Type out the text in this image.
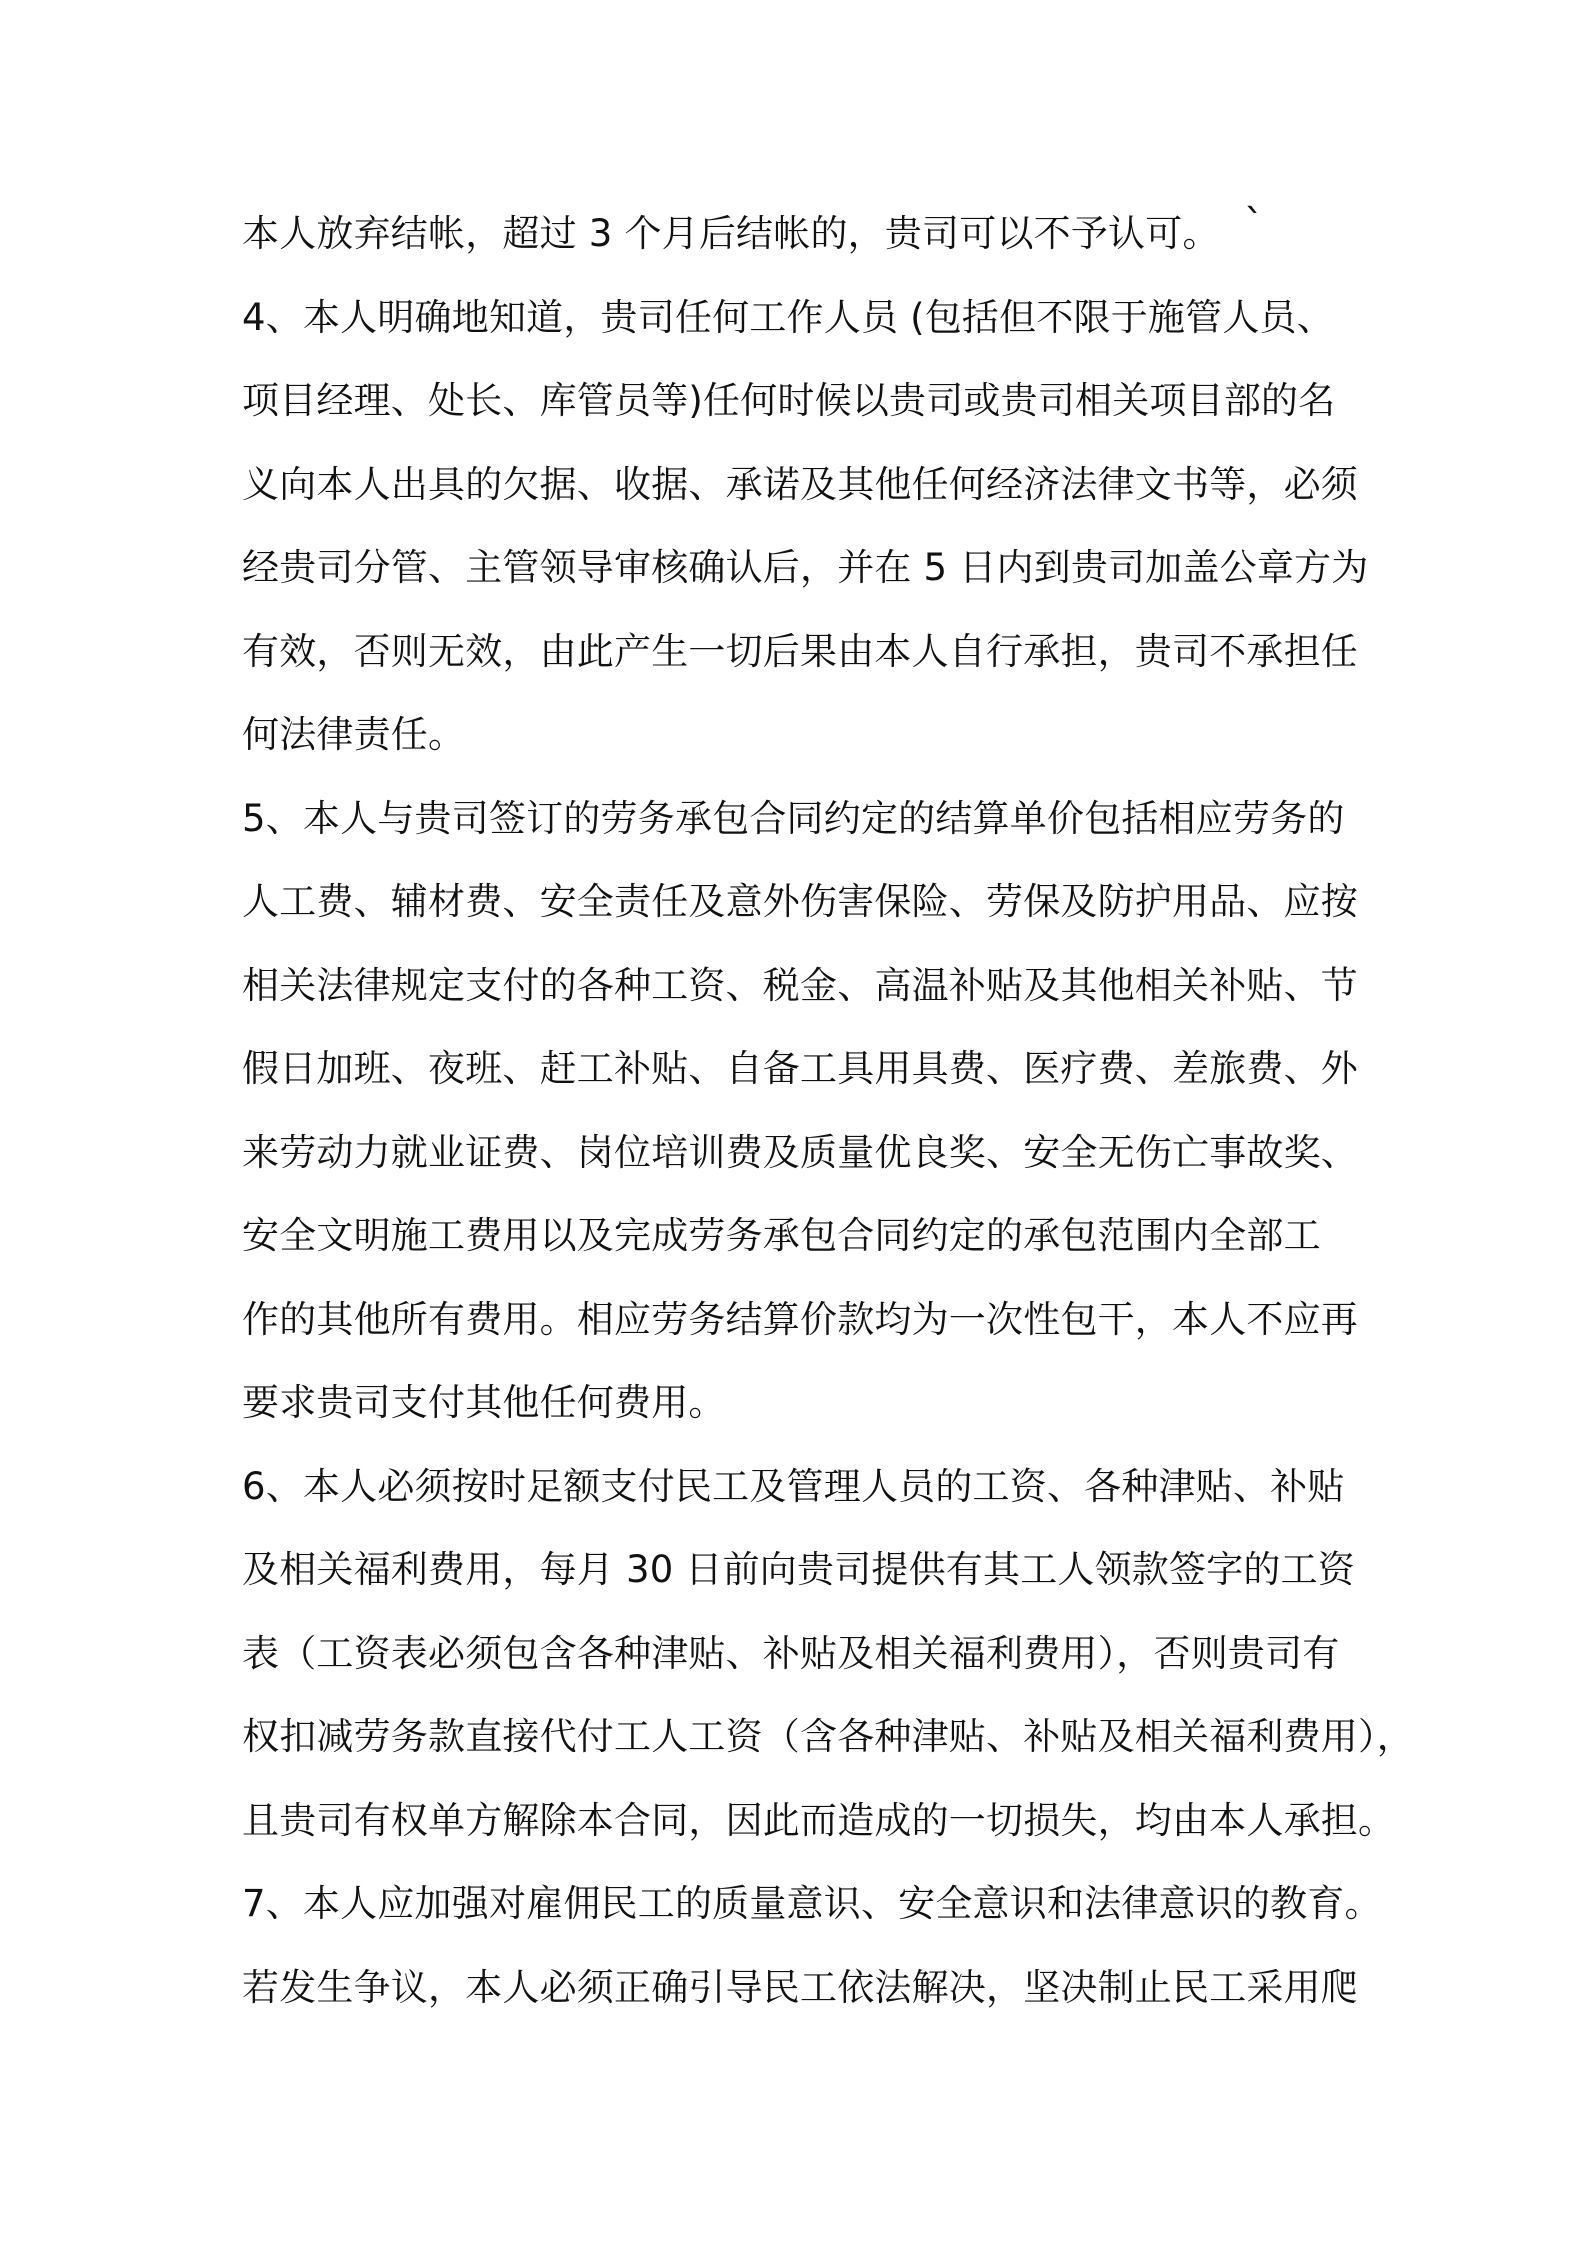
本人放弃结帐，超过 3 个月后结帐的，贵司可以不予认可。
4、本人明确地知道，贵司任何工作人员 (包括但不限于施管人员、
项目经理、处长、库管员等)任何时候以贵司或贵司相关项目部的名
义向本人出具的欠据、收据、承诺及其他任何经济法律文书等，必须
经贵司分管、主管领导审核确认后，并在 5 日内到贵司加盖公章方为
有效，否则无效，由此产生一切后果由本人自行承担，贵司不承担任
何法律责任。
5、本人与贵司签订的劳务承包合同约定的结算单价包括相应劳务的
人工费、辅材费、安全责任及意外伤害保险、劳保及防护用品、应按
相关法律规定支付的各种工资、税金、高温补贴及其他相关补贴、节
假日加班、夜班、赶工补贴、自备工具用具费、医疗费、差旅费、外
来劳动力就业证费、岗位培训费及质量优良奖、安全无伤亡事故奖、
安全文明施工费用以及完成劳务承包合同约定的承包范围内全部工
作的其他所有费用。相应劳务结算价款均为一次性包干，本人不应再
要求贵司支付其他任何费用。
6、本人必须按时足额支付民工及管理人员的工资、各种津贴、补贴
及相关福利费用，每月 30 日前向贵司提供有其工人领款签字的工资
表（工资表必须包含各种津贴、补贴及相关福利费用），否则贵司有
权扣减劳务款直接代付工人工资（含各种津贴、补贴及相关福利费用），
且贵司有权单方解除本合同，因此而造成的一切损失，均由本人承担。
7、本人应加强对雇佣民工的质量意识、安全意识和法律意识的教育。
若发生争议，本人必须正确引导民工依法解决，坚决制止民工采用爬
`
